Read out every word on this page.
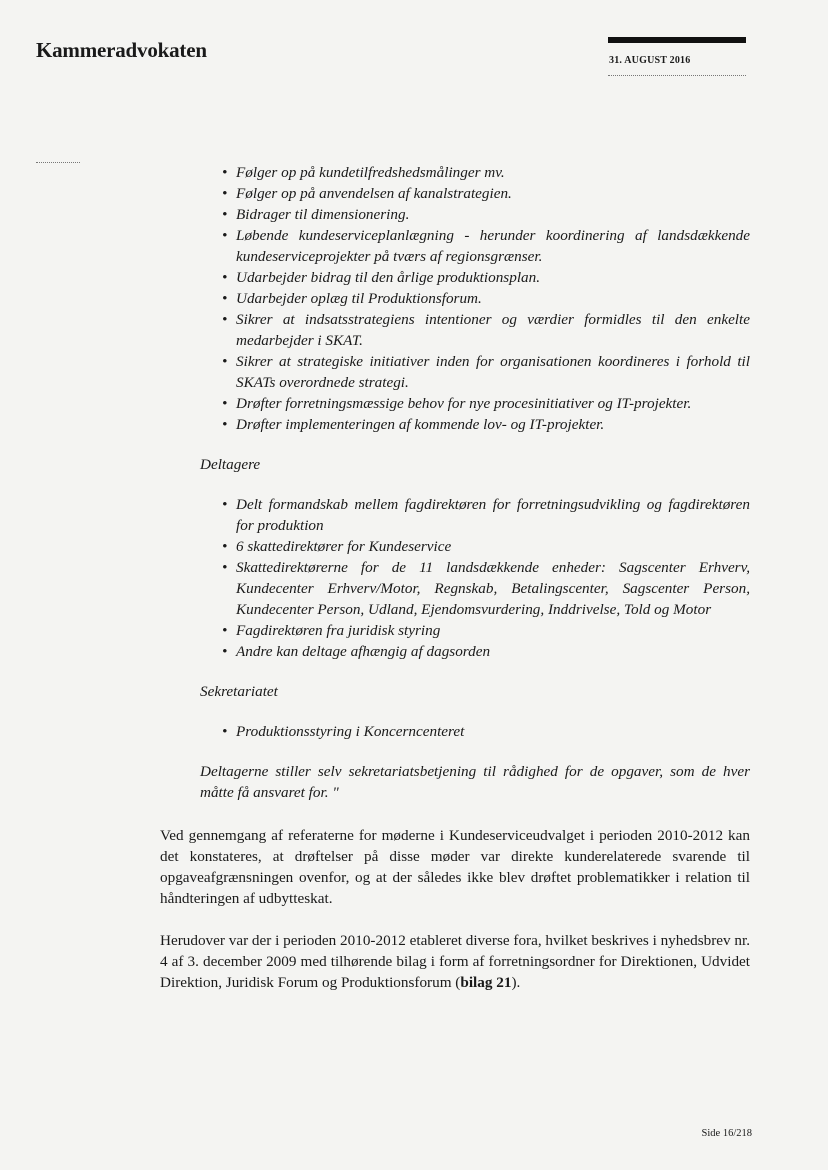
Kammeradvokaten	31. AUGUST 2016
• Følger op på kundetilfredshedsmålinger mv.
• Følger op på anvendelsen af kanalstrategien.
• Bidrager til dimensionering.
• Løbende kundeserviceplanlægning - herunder koordinering af landsdækkende kundeserviceprojekter på tværs af regionsgrænser.
• Udarbejder bidrag til den årlige produktionsplan.
• Udarbejder oplæg til Produktionsforum.
• Sikrer at indsatsstrategiens intentioner og værdier formidles til den enkelte medarbejder i SKAT.
• Sikrer at strategiske initiativer inden for organisationen koordineres i forhold til SKATs overordnede strategi.
• Drøfter forretningsmæssige behov for nye procesinitiativer og IT-projekter.
• Drøfter implementeringen af kommende lov- og IT-projekter.

Deltagere

• Delt formandskab mellem fagdirektøren for forretningsudvikling og fagdirektøren for produktion
• 6 skattedirektører for Kundeservice
• Skattedirektørerne for de 11 landsdækkende enheder: Sagscenter Erhverv, Kundecenter Erhverv/Motor, Regnskab, Betalingscenter, Sagscenter Person, Kundecenter Person, Udland, Ejendomsvurdering, Inddrivelse, Told og Motor
• Fagdirektøren fra juridisk styring
• Andre kan deltage afhængig af dagsorden

Sekretariatet

• Produktionsstyring i Koncerncenteret

Deltagerne stiller selv sekretariatsbetjening til rådighed for de opgaver, som de hver måtte få ansvaret for. "

Ved gennemgang af referaterne for møderne i Kundeserviceudvalget i perioden 2010-2012 kan det konstateres, at drøftelser på disse møder var direkte kunderelaterede svarende til opgaveafgrænsningen ovenfor, og at der således ikke blev drøftet problematikker i relation til håndteringen af udbytteskat.

Herudover var der i perioden 2010-2012 etableret diverse fora, hvilket beskrives i nyhedsbrev nr. 4 af 3. december 2009 med tilhørende bilag i form af forretningsordner for Direktionen, Udvidet Direktion, Juridisk Forum og Produktionsforum (bilag 21).

Side 16/218
